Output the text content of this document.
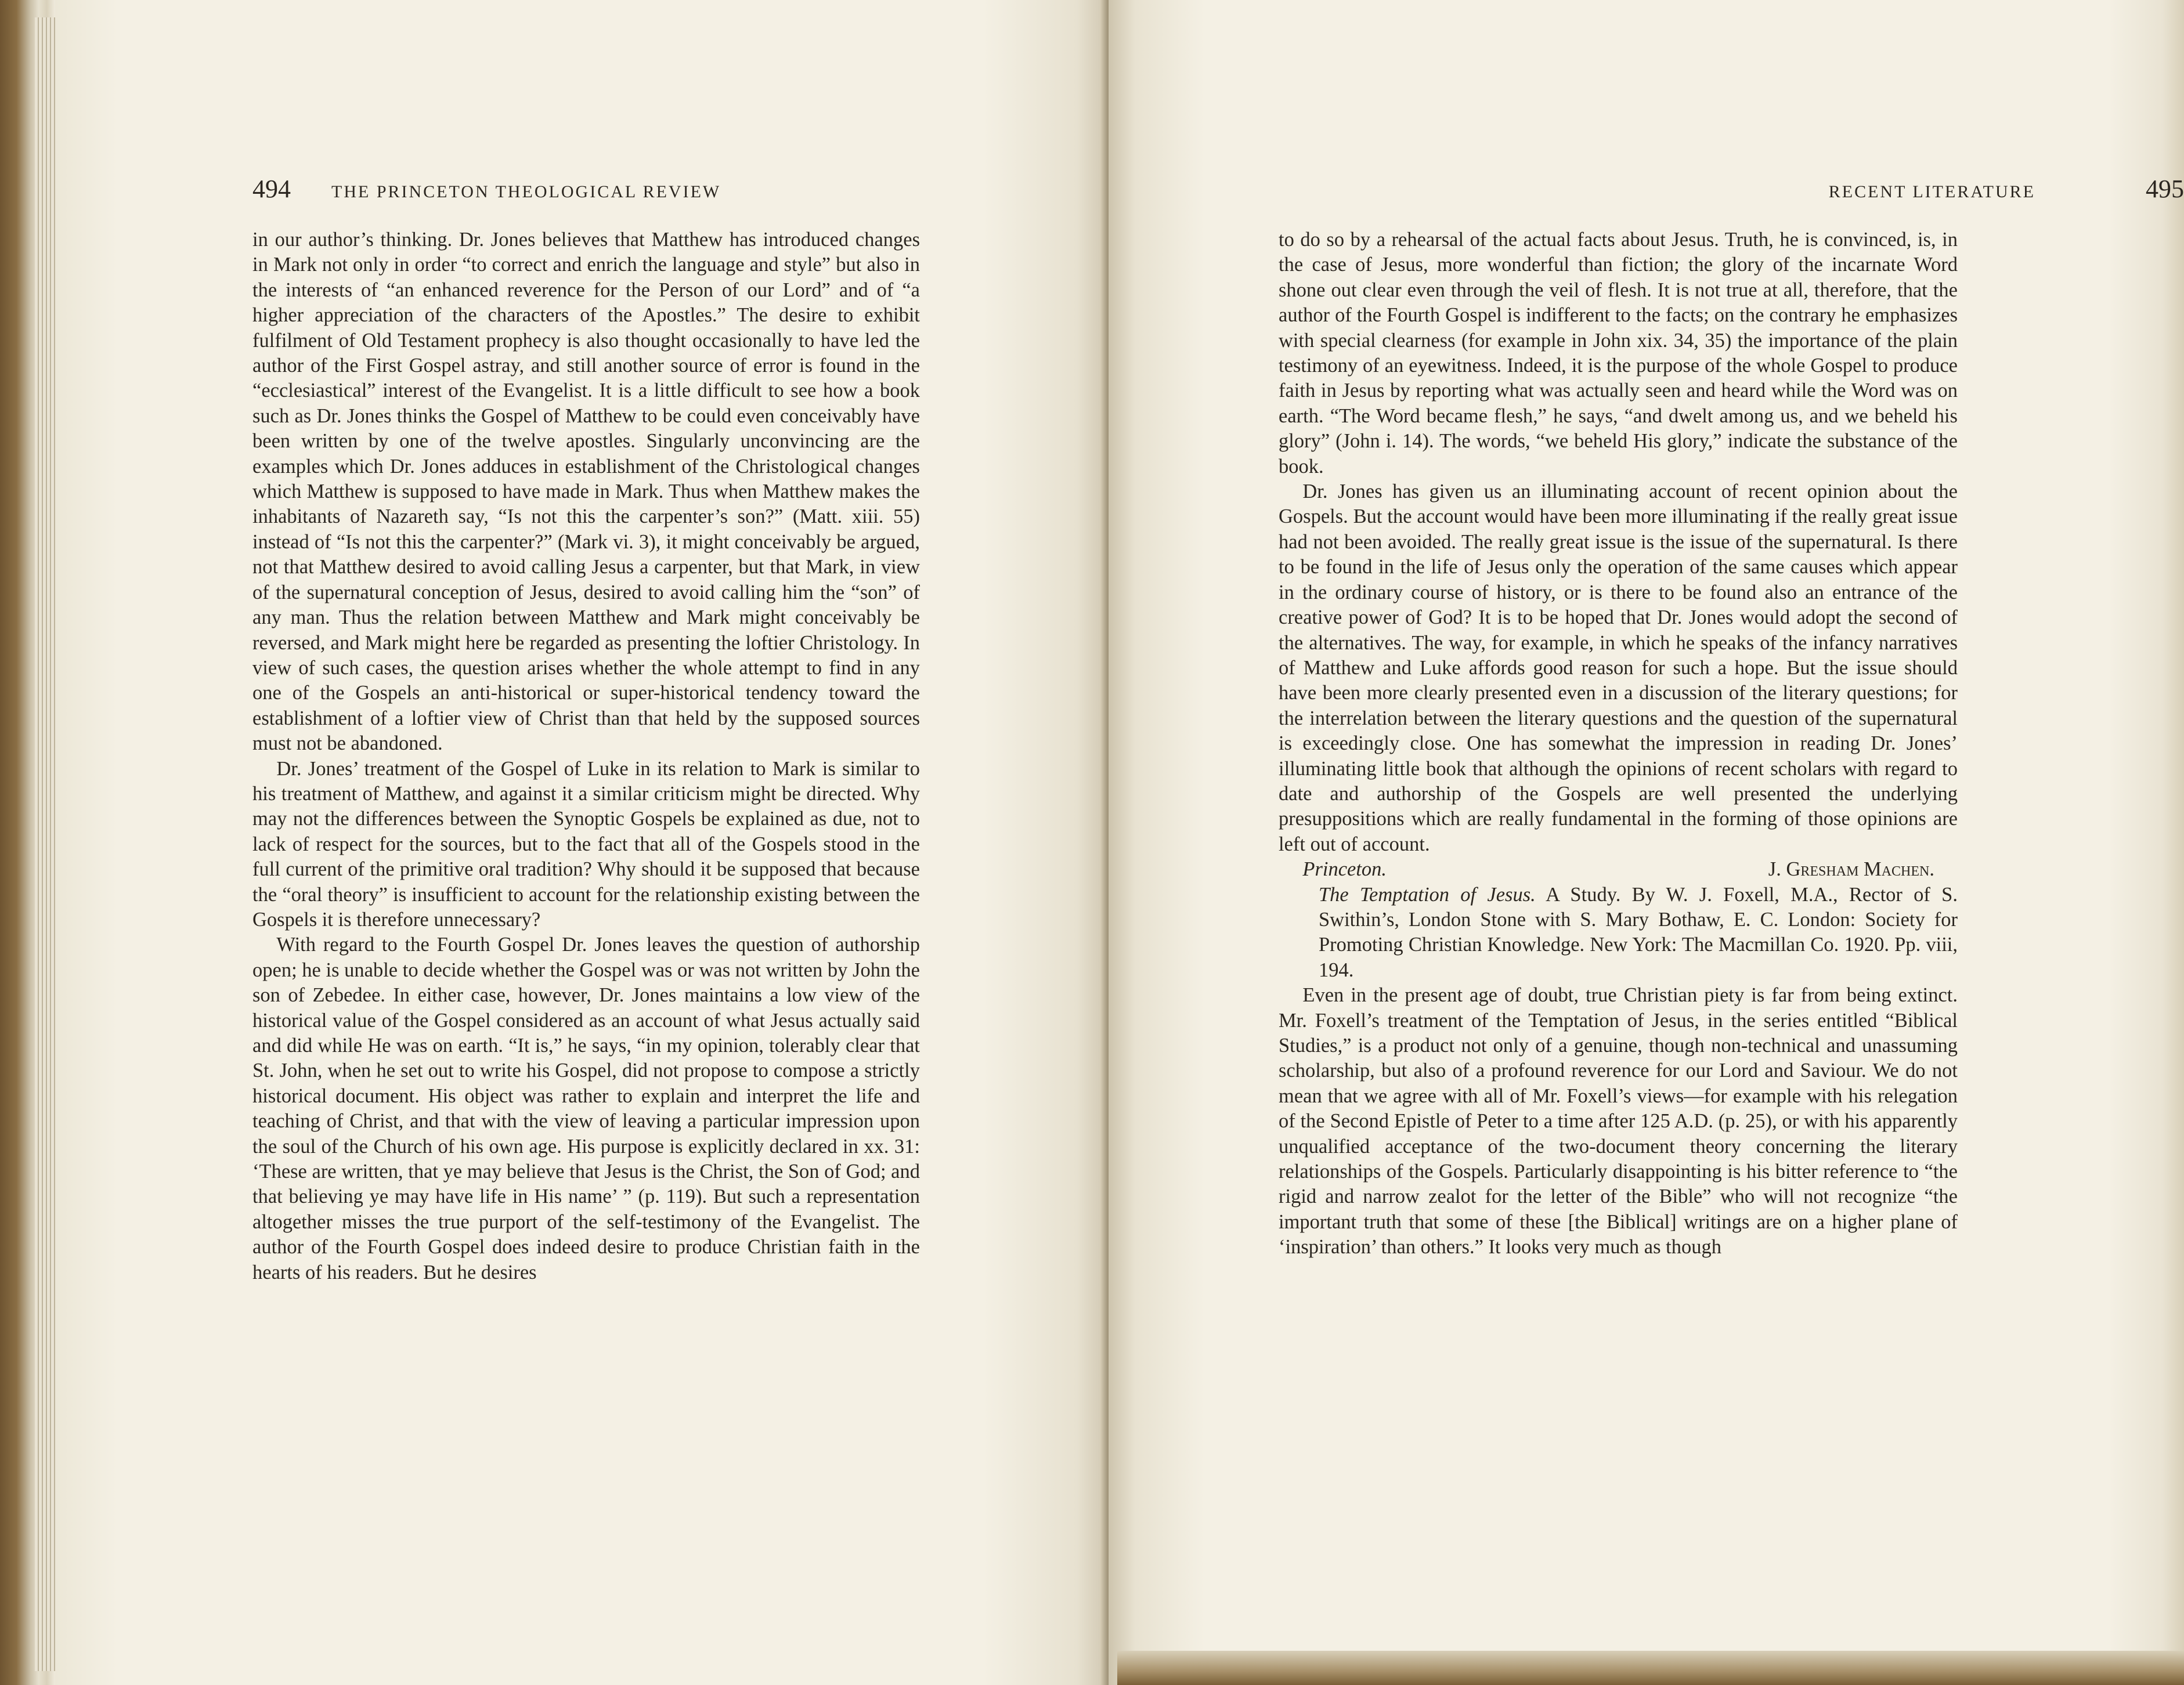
494 THE PRINCETON THEOLOGICAL REVIEW

in our author’s thinking. Dr. Jones believes that Matthew has introduced changes in Mark not only in order “to correct and enrich the language and style” but also in the interests of “an enhanced reverence for the Person of our Lord” and of “a higher appreciation of the characters of the Apostles.” The desire to exhibit fulfilment of Old Testament prophecy is also thought occasionally to have led the author of the First Gospel astray, and still another source of error is found in the “ecclesiastical” interest of the Evangelist. It is a little difficult to see how a book such as Dr. Jones thinks the Gospel of Matthew to be could even conceivably have been written by one of the twelve apostles. Singularly unconvincing are the examples which Dr. Jones adduces in establishment of the Christological changes which Matthew is supposed to have made in Mark. Thus when Matthew makes the inhabitants of Nazareth say, “Is not this the carpenter’s son?” (Matt. xiii. 55) instead of “Is not this the carpenter?” (Mark vi. 3), it might conceivably be argued, not that Matthew desired to avoid calling Jesus a carpenter, but that Mark, in view of the supernatural conception of Jesus, desired to avoid calling him the “son” of any man. Thus the relation between Matthew and Mark might conceivably be reversed, and Mark might here be regarded as presenting the loftier Christology. In view of such cases, the question arises whether the whole attempt to find in any one of the Gospels an anti-historical or super-historical tendency toward the establishment of a loftier view of Christ than that held by the supposed sources must not be abandoned.

Dr. Jones’ treatment of the Gospel of Luke in its relation to Mark is similar to his treatment of Matthew, and against it a similar criticism might be directed. Why may not the differences between the Synoptic Gospels be explained as due, not to lack of respect for the sources, but to the fact that all of the Gospels stood in the full current of the primitive oral tradition? Why should it be supposed that because the “oral theory” is insufficient to account for the relationship existing between the Gospels it is therefore unnecessary?

With regard to the Fourth Gospel Dr. Jones leaves the question of authorship open; he is unable to decide whether the Gospel was or was not written by John the son of Zebedee. In either case, however, Dr. Jones maintains a low view of the historical value of the Gospel considered as an account of what Jesus actually said and did while He was on earth. “It is,” he says, “in my opinion, tolerably clear that St. John, when he set out to write his Gospel, did not propose to compose a strictly historical document. His object was rather to explain and interpret the life and teaching of Christ, and that with the view of leaving a particular impression upon the soul of the Church of his own age. His purpose is explicitly declared in xx. 31: ‘These are written, that ye may believe that Jesus is the Christ, the Son of God; and that believing ye may have life in His name’ ” (p. 119). But such a representation altogether misses the true purport of the self-testimony of the Evangelist. The author of the Fourth Gospel does indeed desire to produce Christian faith in the hearts of his readers. But he desires

RECENT LITERATURE	495

to do so by a rehearsal of the actual facts about Jesus. Truth, he is convinced, is, in the case of Jesus, more wonderful than fiction; the glory of the incarnate Word shone out clear even through the veil of flesh. It is not true at all, therefore, that the author of the Fourth Gospel is indifferent to the facts; on the contrary he emphasizes with special clearness (for example in John xix. 34, 35) the importance of the plain testimony of an eyewitness. Indeed, it is the purpose of the whole Gospel to produce faith in Jesus by reporting what was actually seen and heard while the Word was on earth. “The Word became flesh,” he says, “and dwelt among us, and we beheld his glory” (John i. 14). The words, “we beheld His glory,” indicate the substance of the book.

Dr. Jones has given us an illuminating account of recent opinion about the Gospels. But the account would have been more illuminating if the really great issue had not been avoided. The really great issue is the issue of the supernatural. Is there to be found in the life of Jesus only the operation of the same causes which appear in the ordinary course of history, or is there to be found also an entrance of the creative power of God? It is to be hoped that Dr. Jones would adopt the second of the alternatives. The way, for example, in which he speaks of the infancy narratives of Matthew and Luke affords good reason for such a hope. But the issue should have been more clearly presented even in a discussion of the literary questions; for the interrelation between the literary questions and the question of the supernatural is exceedingly close. One has somewhat the impression in reading Dr. Jones’ illuminating little book that although the opinions of recent scholars with regard to date and authorship of the Gospels are well presented the underlying presuppositions which are really fundamental in the forming of those opinions are left out of account.

Princeton.	J. Gresham Machen.

The Temptation of Jesus. A Study. By W. J. Foxell, M.A., Rector of S. Swithin’s, London Stone with S. Mary Bothaw, E. C. London: Society for Promoting Christian Knowledge. New York: The Macmillan Co. 1920. Pp. viii, 194.

Even in the present age of doubt, true Christian piety is far from being extinct. Mr. Foxell’s treatment of the Temptation of Jesus, in the series entitled “Biblical Studies,” is a product not only of a genuine, though non-technical and unassuming scholarship, but also of a profound reverence for our Lord and Saviour. We do not mean that we agree with all of Mr. Foxell’s views—for example with his relegation of the Second Epistle of Peter to a time after 125 A.D. (p. 25), or with his apparently unqualified acceptance of the two-document theory concerning the literary relationships of the Gospels. Particularly disappointing is his bitter reference to “the rigid and narrow zealot for the letter of the Bible” who will not recognize “the important truth that some of these [the Biblical] writings are on a higher plane of ‘inspiration’ than others.” It looks very much as though
